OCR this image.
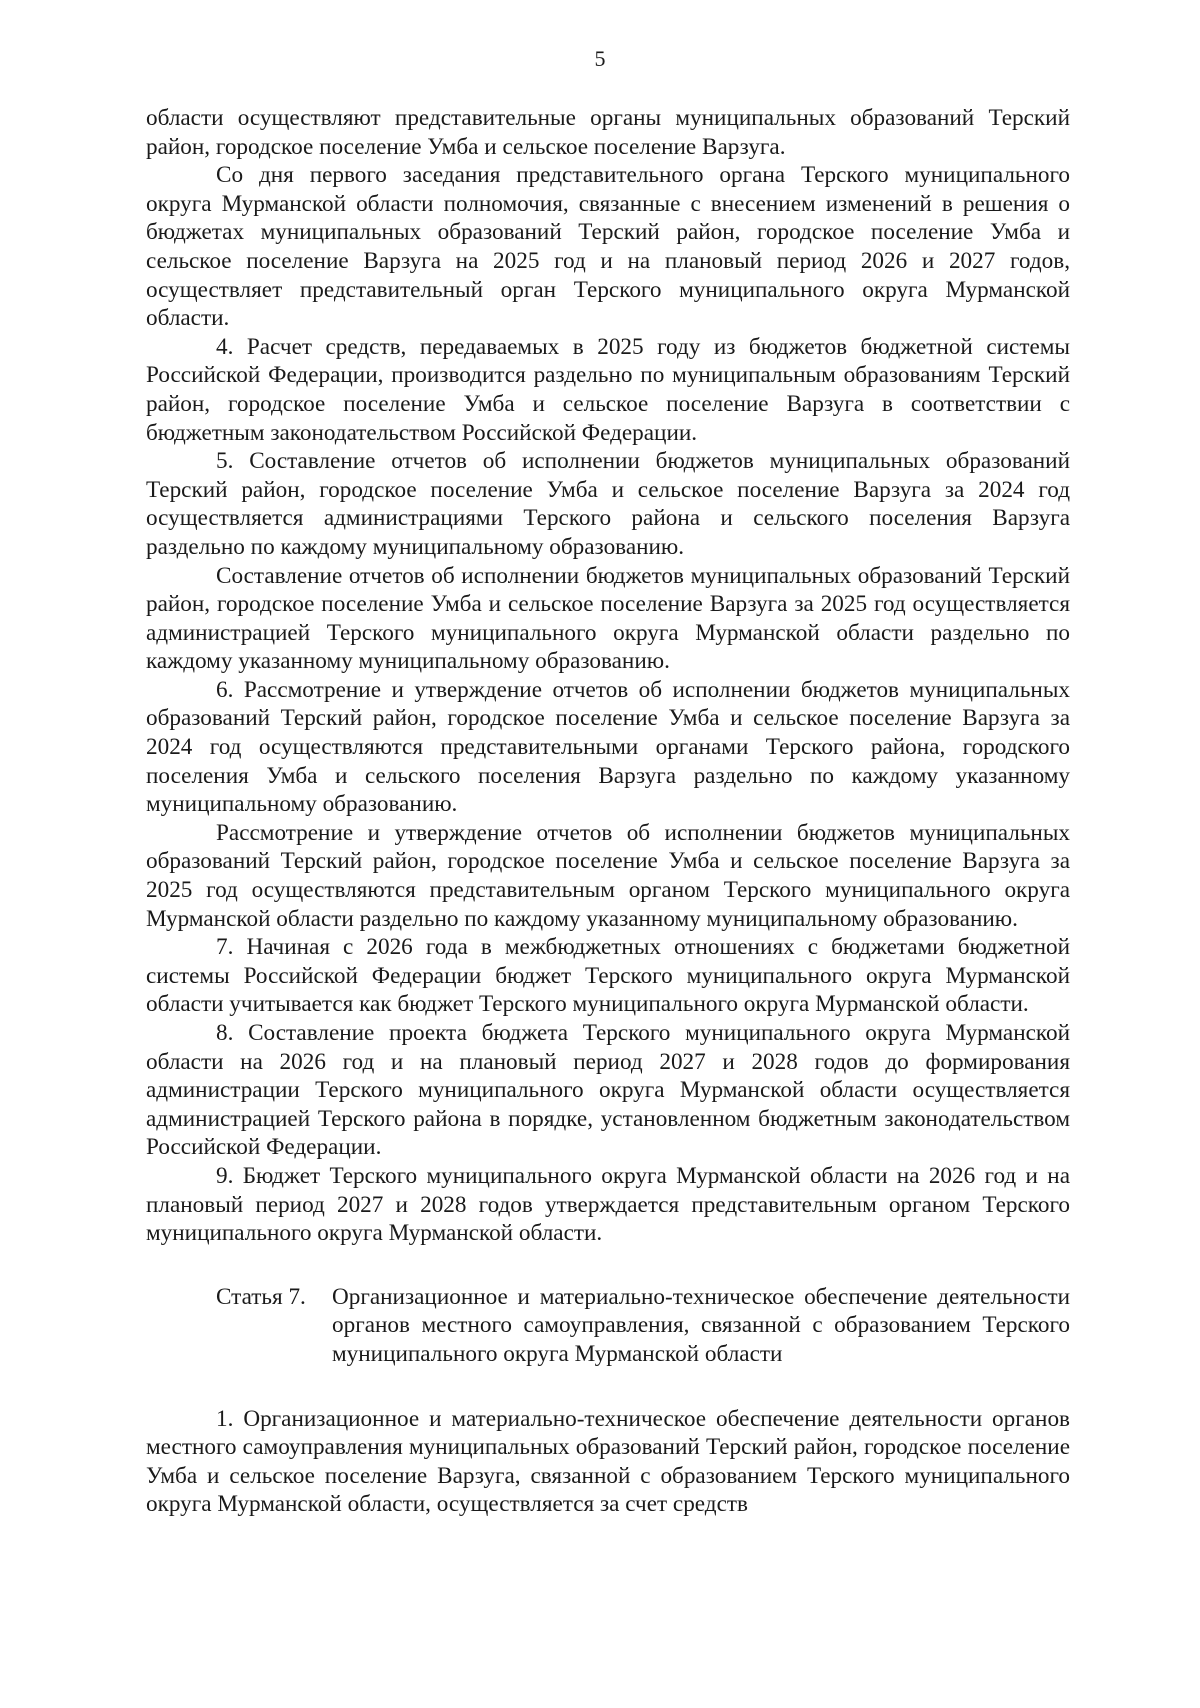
5

области осуществляют представительные органы муниципальных образований Терский район, городское поселение Умба и сельское поселение Варзуга.

Со дня первого заседания представительного органа Терского муниципального округа Мурманской области полномочия, связанные с внесением изменений в решения о бюджетах муниципальных образований Терский район, городское поселение Умба и сельское поселение Варзуга на 2025 год и на плановый период 2026 и 2027 годов, осуществляет представительный орган Терского муниципального округа Мурманской области.

4. Расчет средств, передаваемых в 2025 году из бюджетов бюджетной системы Российской Федерации, производится раздельно по муниципальным образованиям Терский район, городское поселение Умба и сельское поселение Варзуга в соответствии с бюджетным законодательством Российской Федерации.

5. Составление отчетов об исполнении бюджетов муниципальных образований Терский район, городское поселение Умба и сельское поселение Варзуга за 2024 год осуществляется администрациями Терского района и сельского поселения Варзуга раздельно по каждому муниципальному образованию.

Составление отчетов об исполнении бюджетов муниципальных образований Терский район, городское поселение Умба и сельское поселение Варзуга за 2025 год осуществляется администрацией Терского муниципального округа Мурманской области раздельно по каждому указанному муниципальному образованию.

6. Рассмотрение и утверждение отчетов об исполнении бюджетов муниципальных образований Терский район, городское поселение Умба и сельское поселение Варзуга за 2024 год осуществляются представительными органами Терского района, городского поселения Умба и сельского поселения Варзуга раздельно по каждому указанному муниципальному образованию.

Рассмотрение и утверждение отчетов об исполнении бюджетов муниципальных образований Терский район, городское поселение Умба и сельское поселение Варзуга за 2025 год осуществляются представительным органом Терского муниципального округа Мурманской области раздельно по каждому указанному муниципальному образованию.

7. Начиная с 2026 года в межбюджетных отношениях с бюджетами бюджетной системы Российской Федерации бюджет Терского муниципального округа Мурманской области учитывается как бюджет Терского муниципального округа Мурманской области.

8. Составление проекта бюджета Терского муниципального округа Мурманской области на 2026 год и на плановый период 2027 и 2028 годов до формирования администрации Терского муниципального округа Мурманской области осуществляется администрацией Терского района в порядке, установленном бюджетным законодательством Российской Федерации.

9. Бюджет Терского муниципального округа Мурманской области на 2026 год и на плановый период 2027 и 2028 годов утверждается представительным органом Терского муниципального округа Мурманской области.

Статья 7.	Организационное и материально-техническое обеспечение деятельности органов местного самоуправления, связанной с образованием Терского муниципального округа Мурманской области

1. Организационное и материально-техническое обеспечение деятельности органов местного самоуправления муниципальных образований Терский район, городское поселение Умба и сельское поселение Варзуга, связанной с образованием Терского муниципального округа Мурманской области, осуществляется за счет средств
